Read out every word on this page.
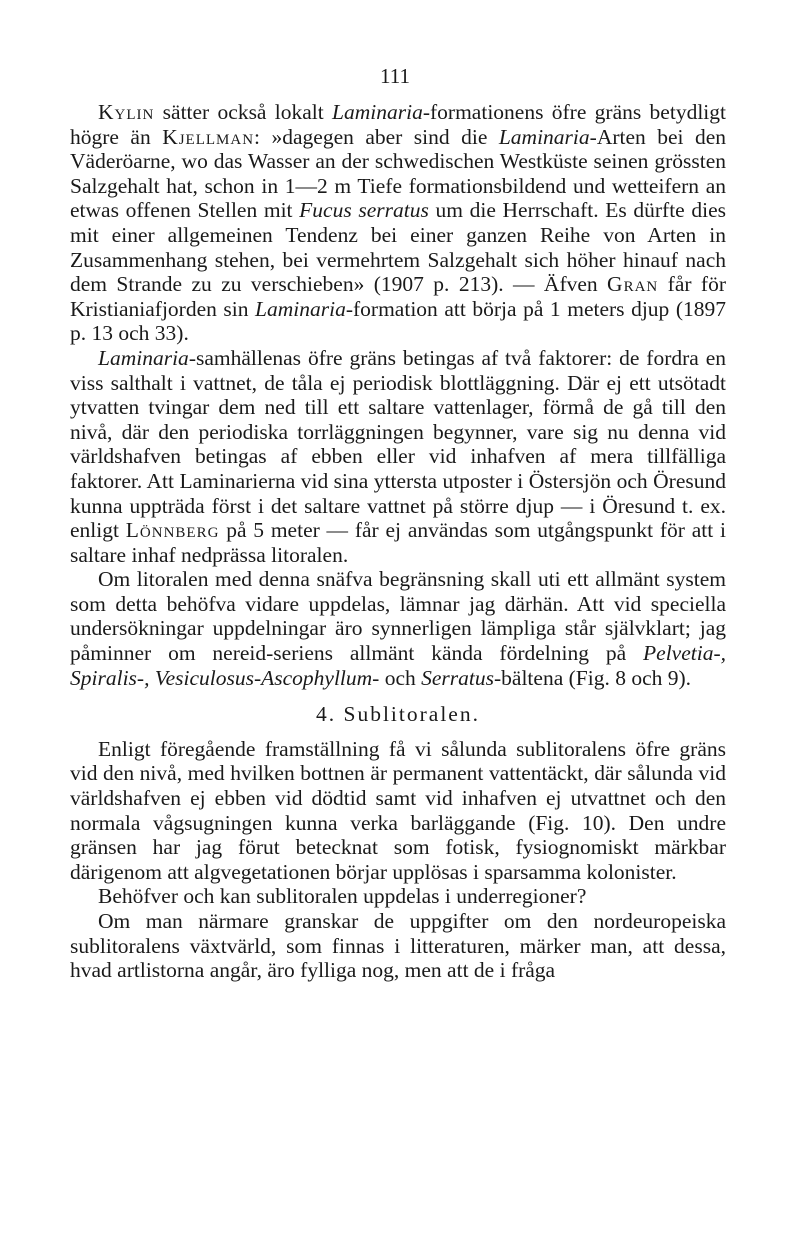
111

Kylin sätter också lokalt Laminaria-formationens öfre gräns betydligt högre än Kjellman: »dagegen aber sind die Laminaria-Arten bei den Väderöarne, wo das Wasser an der schwedischen Westküste seinen grössten Salzgehalt hat, schon in 1—2 m Tiefe formationsbildend und wetteifern an etwas offenen Stellen mit Fucus serratus um die Herrschaft. Es dürfte dies mit einer allgemeinen Tendenz bei einer ganzen Reihe von Arten in Zusammenhang stehen, bei vermehrtem Salzgehalt sich höher hinauf nach dem Strande zu zu verschieben» (1907 p. 213). — Äfven Gran får för Kristianiafjorden sin Laminaria-formation att börja på 1 meters djup (1897 p. 13 och 33).

Laminaria-samhällenas öfre gräns betingas af två faktorer: de fordra en viss salthalt i vattnet, de tåla ej periodisk blottläggning. Där ej ett utsötadt ytvatten tvingar dem ned till ett saltare vattenlager, förmå de gå till den nivå, där den periodiska torrläggningen begynner, vare sig nu denna vid världshafven betingas af ebben eller vid inhafven af mera tillfälliga faktorer. Att Laminarierna vid sina yttersta utposter i Östersjön och Öresund kunna uppträda först i det saltare vattnet på större djup — i Öresund t. ex. enligt Lönnberg på 5 meter — får ej användas som utgångspunkt för att i saltare inhaf nedprässa litoralen.

Om litoralen med denna snäfva begränsning skall uti ett allmänt system som detta behöfva vidare uppdelas, lämnar jag därhän. Att vid speciella undersökningar uppdelningar äro synnerligen lämpliga står självklart; jag påminner om nereid-seriens allmänt kända fördelning på Pelvetia-, Spiralis-, Vesiculosus-Ascophyllum- och Serratus-bältena (Fig. 8 och 9).

4. Sublitoralen.

Enligt föregående framställning få vi sålunda sublitoralens öfre gräns vid den nivå, med hvilken bottnen är permanent vattentäckt, där sålunda vid världshafven ej ebben vid dödtid samt vid inhafven ej utvattnet och den normala vågsugningen kunna verka barläggande (Fig. 10). Den undre gränsen har jag förut betecknat som fotisk, fysiognomiskt märkbar därigenom att algvegetationen börjar upplösas i sparsamma kolonister.

Behöfver och kan sublitoralen uppdelas i underregioner?

Om man närmare granskar de uppgifter om den nordeuropeiska sublitoralens växtvärld, som finnas i litteraturen, märker man, att dessa, hvad artlistorna angår, äro fylliga nog, men att de i fråga
